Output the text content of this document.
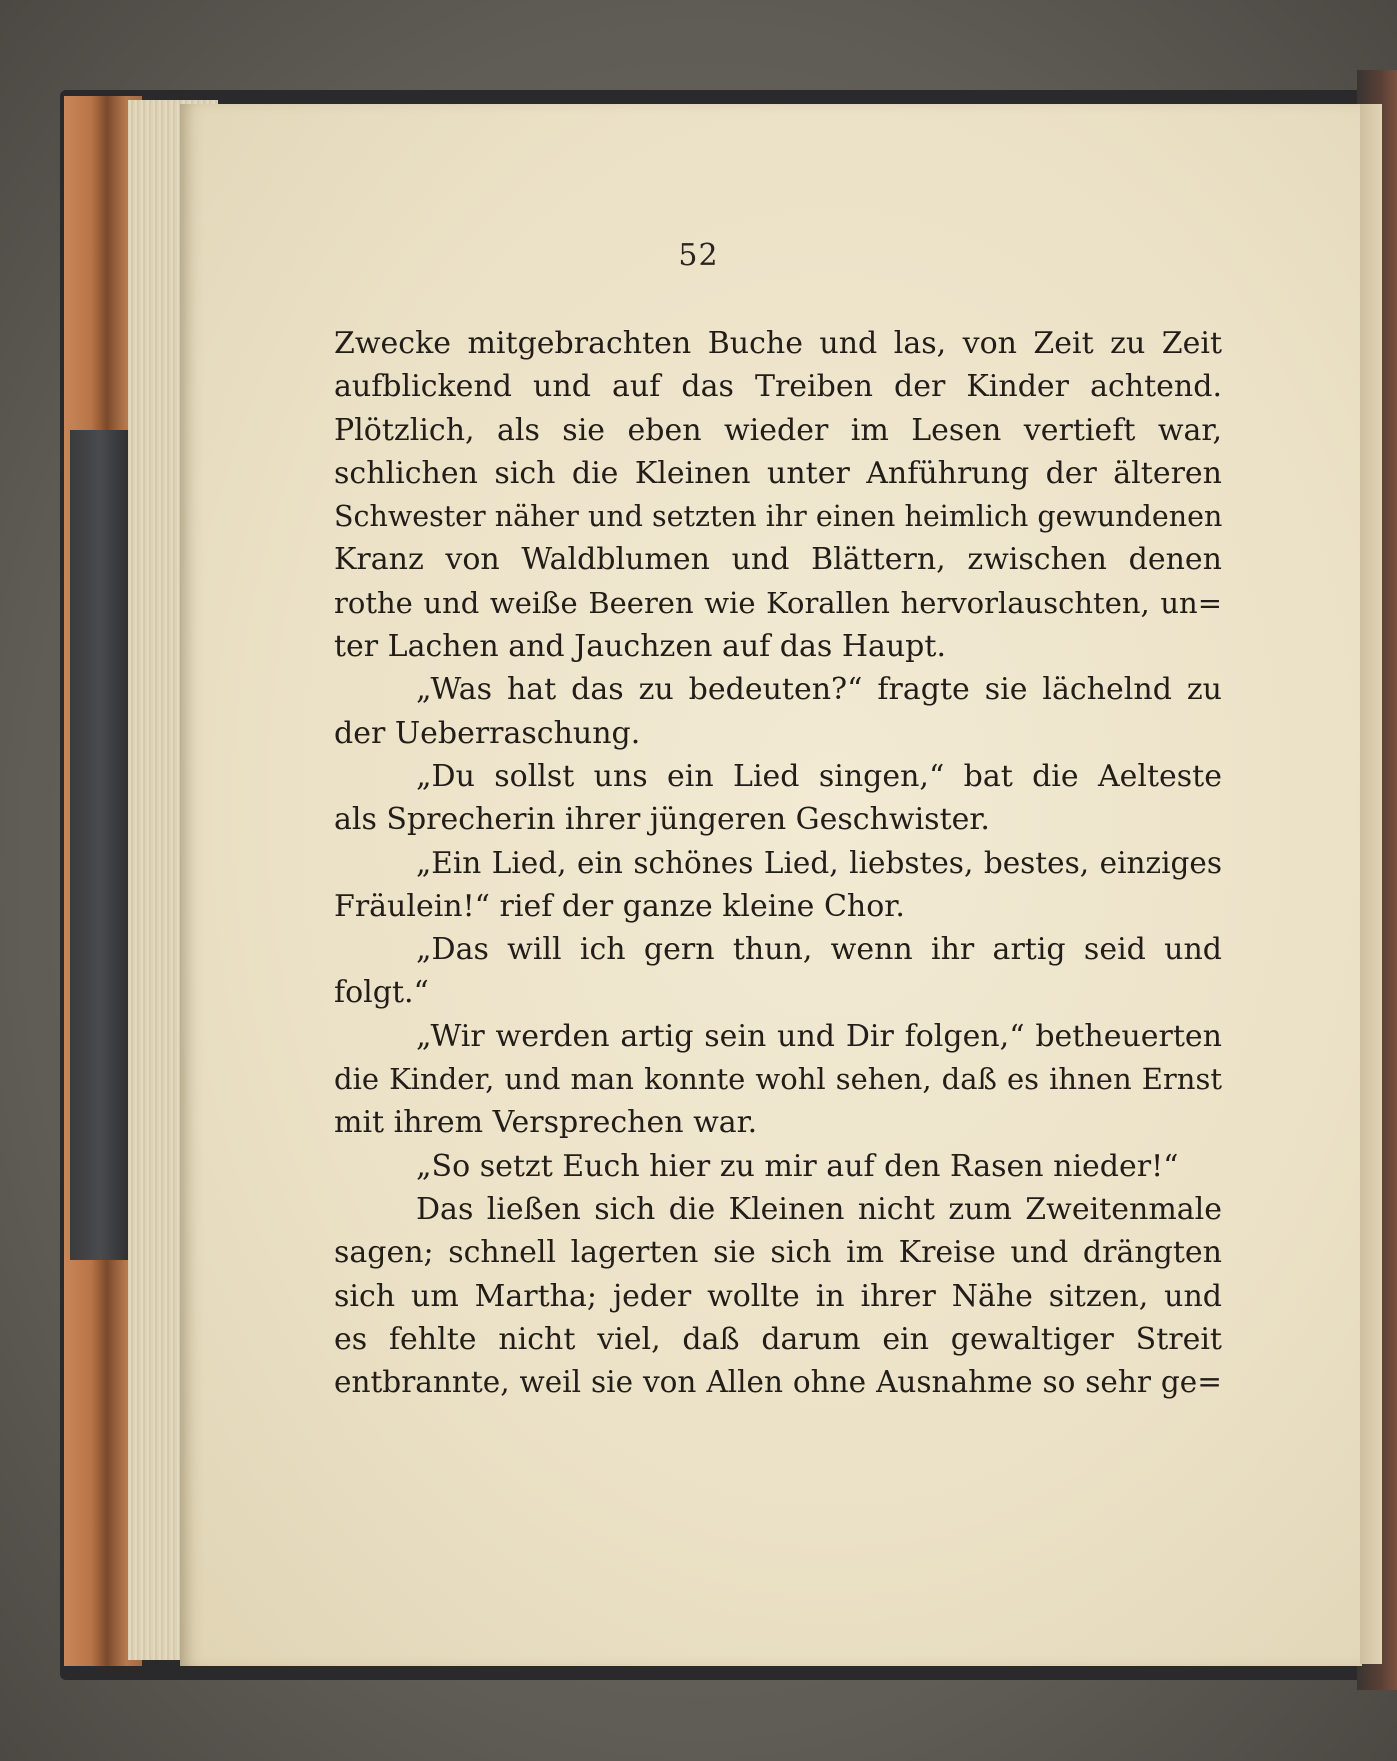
52
Zwecke mitgebrachten Buche und las, von Zeit zu Zeit
aufblickend und auf das Treiben der Kinder achtend.
Plötzlich, als sie eben wieder im Lesen vertieft war,
schlichen sich die Kleinen unter Anführung der älteren
Schwester näher und setzten ihr einen heimlich gewundenen
Kranz von Waldblumen und Blättern, zwischen denen
rothe und weiße Beeren wie Korallen hervorlauschten, un=
ter Lachen and Jauchzen auf das Haupt.
„Was hat das zu bedeuten?“ fragte sie lächelnd zu
der Ueberraschung.
„Du sollst uns ein Lied singen,“ bat die Aelteste
als Sprecherin ihrer jüngeren Geschwister.
„Ein Lied, ein schönes Lied, liebstes, bestes, einziges
Fräulein!“ rief der ganze kleine Chor.
„Das will ich gern thun, wenn ihr artig seid und
folgt.“
„Wir werden artig sein und Dir folgen,“ betheuerten
die Kinder, und man konnte wohl sehen, daß es ihnen Ernst
mit ihrem Versprechen war.
„So setzt Euch hier zu mir auf den Rasen nieder!“
Das ließen sich die Kleinen nicht zum Zweitenmale
sagen; schnell lagerten sie sich im Kreise und drängten
sich um Martha; jeder wollte in ihrer Nähe sitzen, und
es fehlte nicht viel, daß darum ein gewaltiger Streit
entbrannte, weil sie von Allen ohne Ausnahme so sehr ge=
